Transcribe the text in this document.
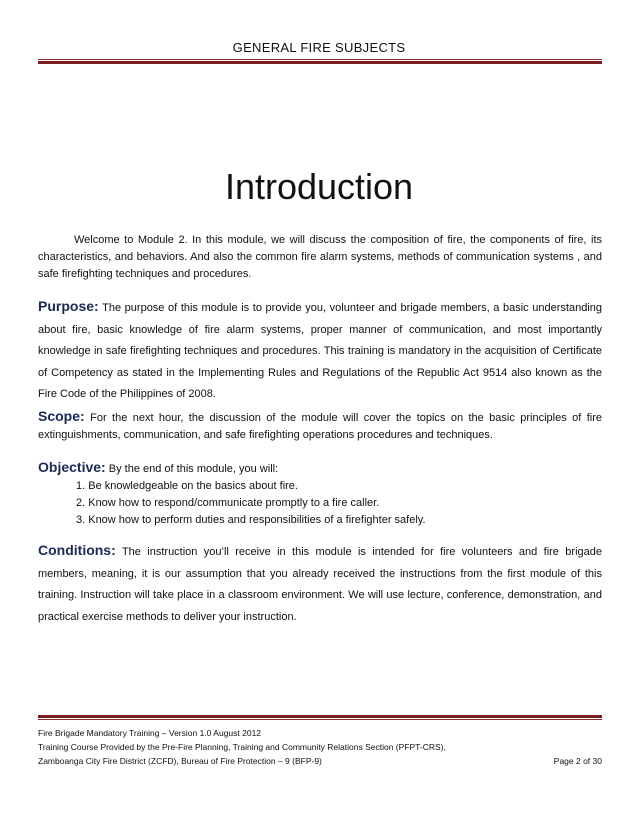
GENERAL FIRE SUBJECTS
Introduction

Welcome to Module 2. In this module, we will discuss the composition of fire, the components of fire, its characteristics, and behaviors. And also the common fire alarm systems, methods of communication systems , and safe firefighting techniques and procedures.

Purpose: The purpose of this module is to provide you, volunteer and brigade members, a basic understanding about fire, basic knowledge of fire alarm systems, proper manner of communication, and most importantly knowledge in safe firefighting techniques and procedures. This training is mandatory in the acquisition of Certificate of Competency as stated in the Implementing Rules and Regulations of the Republic Act 9514 also known as the Fire Code of the Philippines of 2008.

Scope: For the next hour, the discussion of the module will cover the topics on the basic principles of fire extinguishments, communication, and safe firefighting operations procedures and techniques.

Objective: By the end of this module, you will:

1. Be knowledgeable on the basics about fire.
2. Know how to respond/communicate promptly to a fire caller.
3. Know how to perform duties and responsibilities of a firefighter safely.

Conditions: The instruction you’ll receive in this module is intended for fire volunteers and fire brigade members, meaning, it is our assumption that you already received the instructions from the first module of this training. Instruction will take place in a classroom environment. We will use lecture, conference, demonstration, and practical exercise methods to deliver your instruction.

Fire Brigade Mandatory Training – Version 1.0 August 2012
Training Course Provided by the Pre-Fire Planning, Training and Community Relations Section (PFPT-CRS),
Zamboanga City Fire District (ZCFD), Bureau of Fire Protection – 9 (BFP-9)	Page 2 of 30
